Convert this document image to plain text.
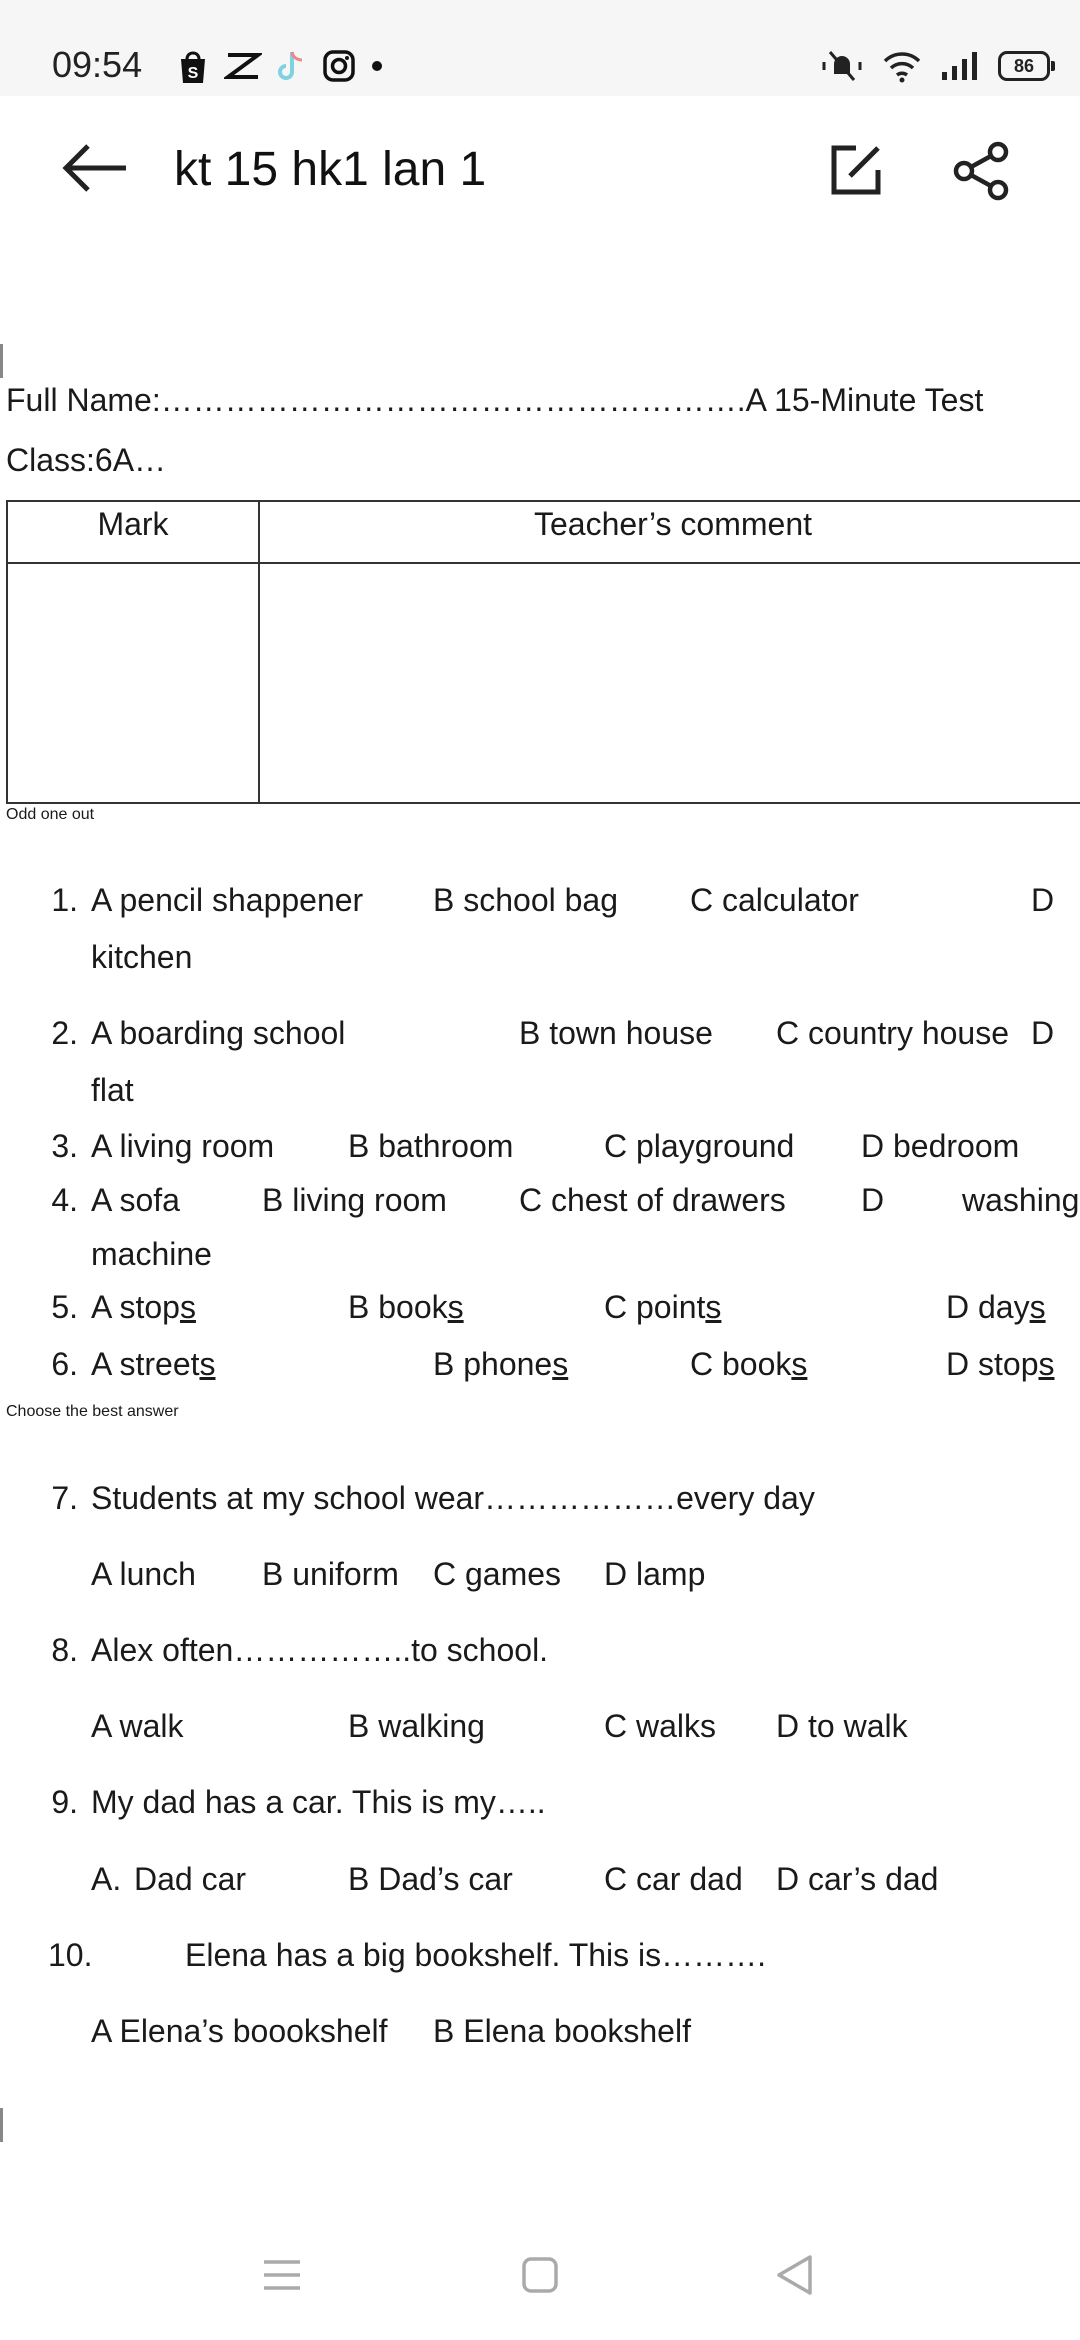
09:54	S	86
kt 15 hk1 lan 1
Full Name:……………………………………………….A 15-Minute Test
Class:6A…
Mark	Teacher’s comment
Odd one out
1. A pencil shappener B school bag C calculator	D
kitchen
2. A boarding school	B town house C country house D
flat
3. A living room B bathroom	C playground D bedroom
4. A sofa	B living room C chest of drawers D washing
machine
5. A stops	B books	C points	D days
6. A streets	B phones	C books	D stops
Choose the best answer
7. Students at my school wear………………every day
A lunch B uniform C games D lamp
8. Alex often……………..to school.
A walk	B walking	C walks D to walk
9. My dad has a car. This is my…..
A. Dad car	B Dad’s car	C car dad D car’s dad
10.	Elena has a big bookshelf. This is……….
A Elena’s boookshelf B Elena bookshelf
